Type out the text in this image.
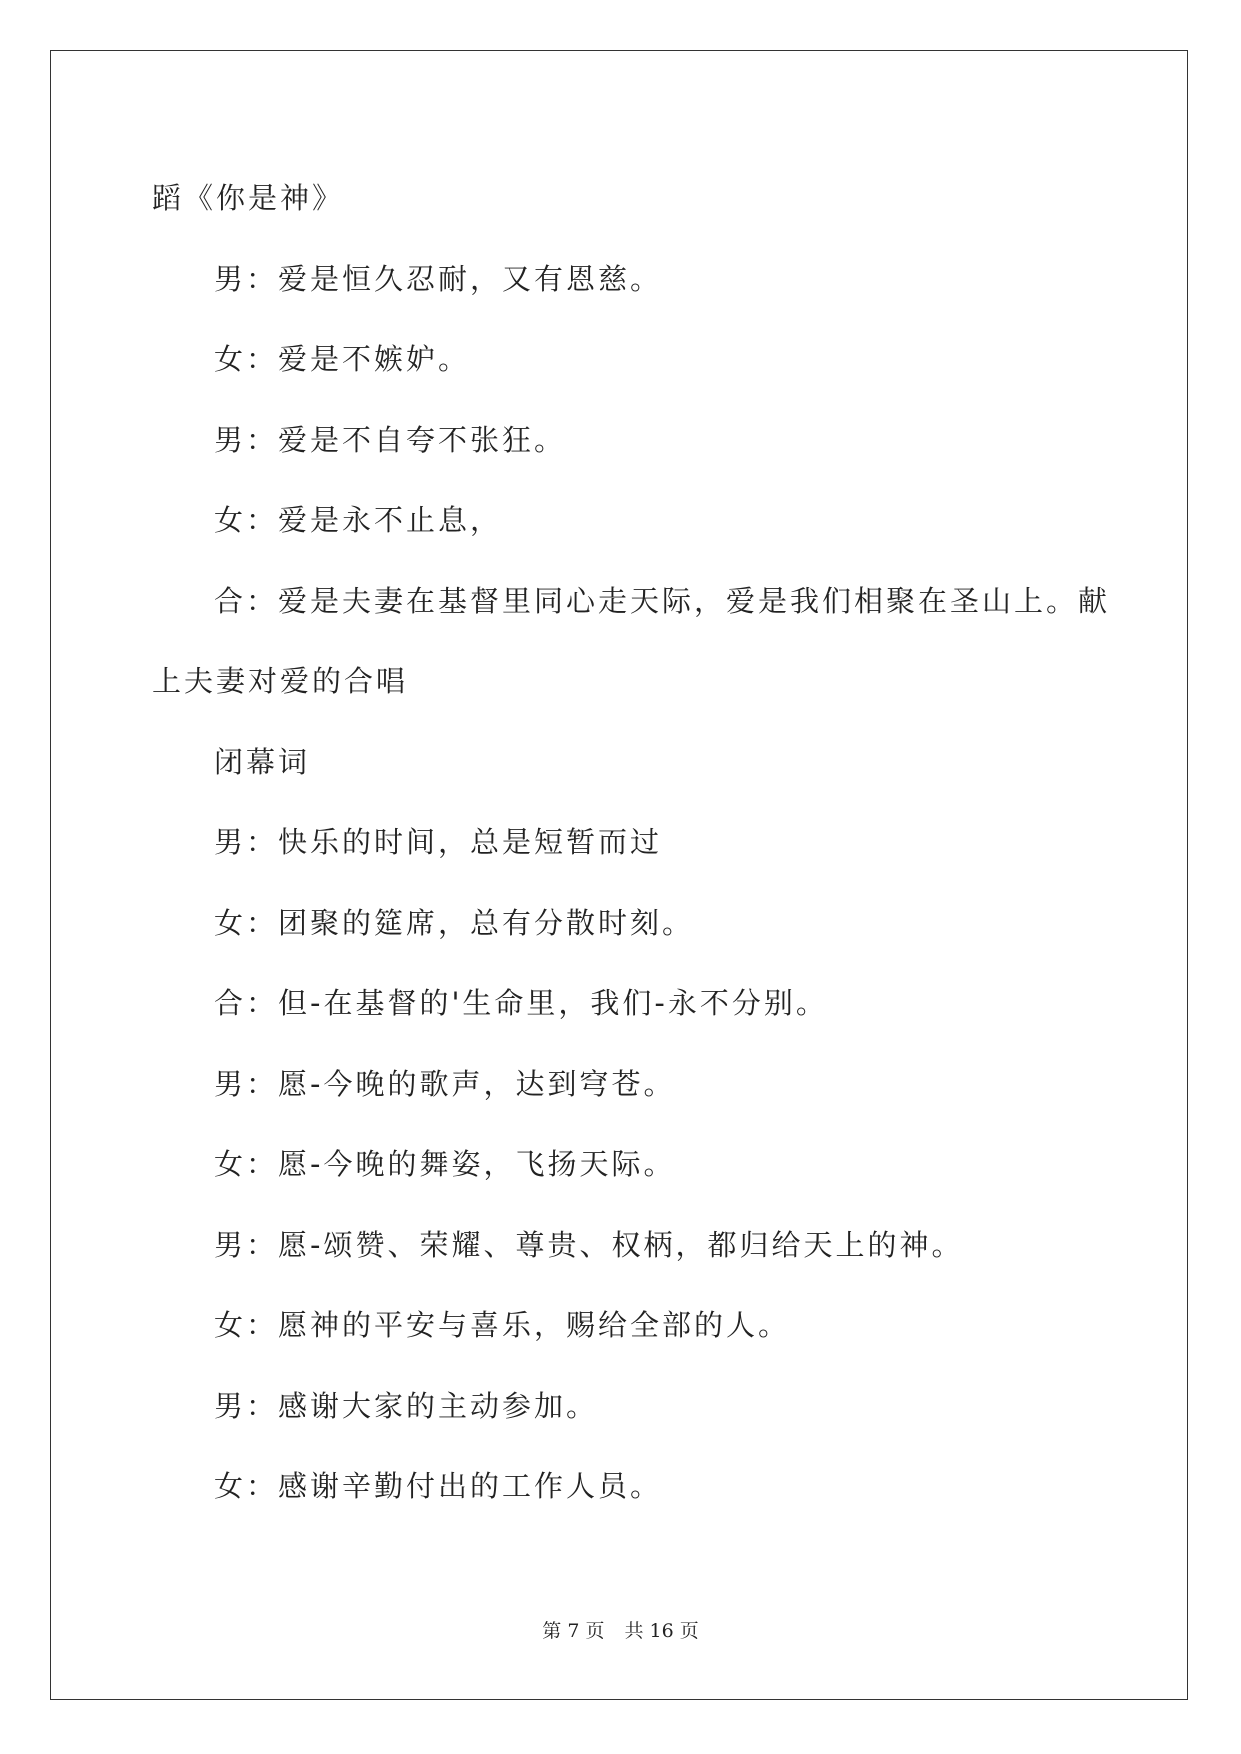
蹈《你是神》

男：爱是恒久忍耐，又有恩慈。

女：爱是不嫉妒。

男：爱是不自夸不张狂。

女：爱是永不止息，

合：爱是夫妻在基督里同心走天际，爱是我们相聚在圣山上。献

上夫妻对爱的合唱

闭幕词

男：快乐的时间，总是短暂而过

女：团聚的筵席，总有分散时刻。

合：但-在基督的'生命里，我们-永不分别。

男：愿-今晚的歌声，达到穹苍。

女：愿-今晚的舞姿，飞扬天际。

男：愿-颂赞、荣耀、尊贵、权柄，都归给天上的神。

女：愿神的平安与喜乐，赐给全部的人。

男：感谢大家的主动参加。

女：感谢辛勤付出的工作人员。

第 7 页 共 16 页
